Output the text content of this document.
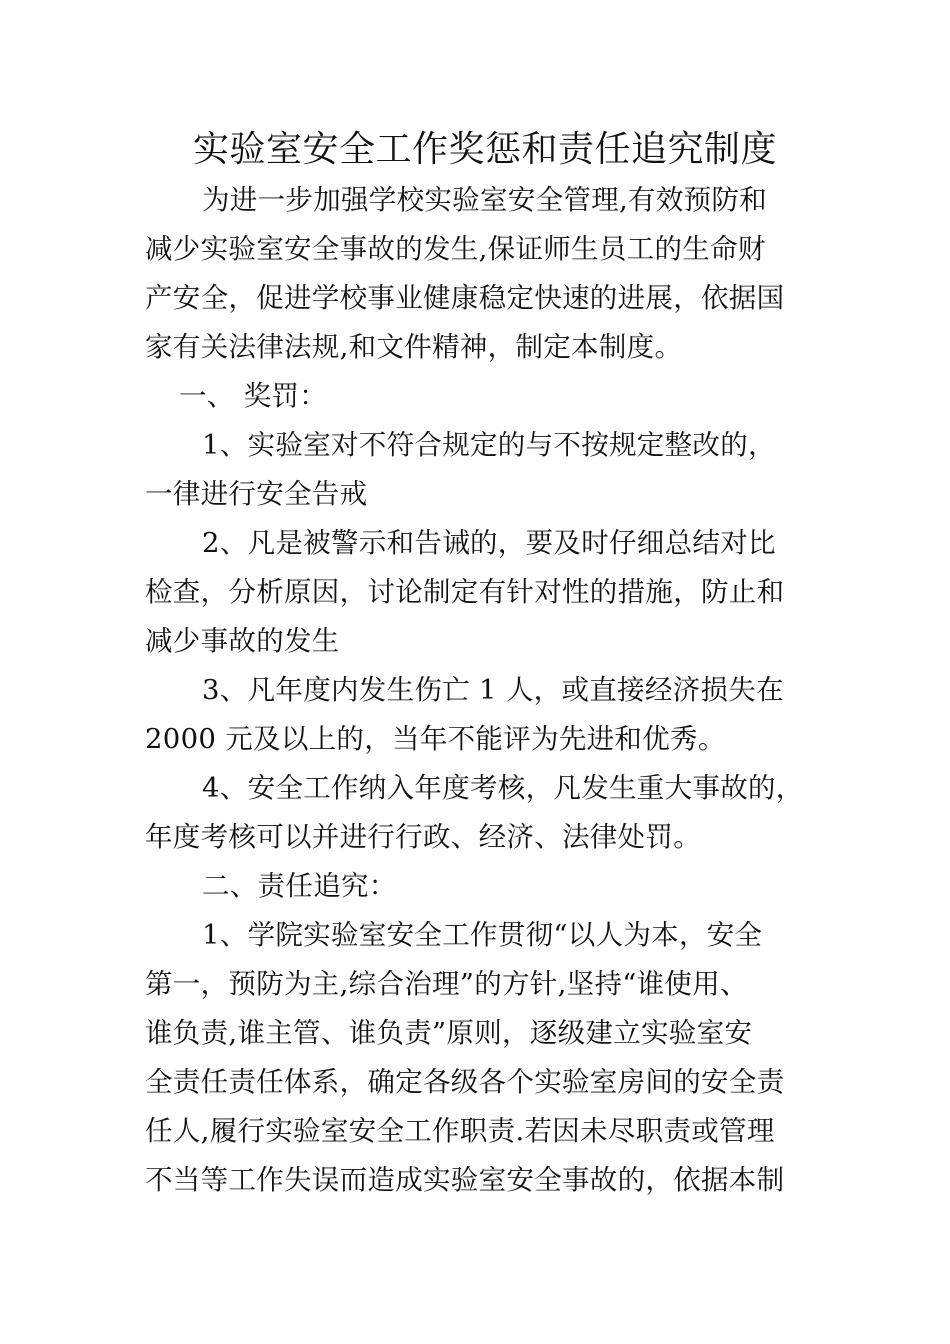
实验室安全工作奖惩和责任追究制度
为进一步加强学校实验室安全管理,有效预防和
减少实验室安全事故的发生,保证师生员工的生命财
产安全，促进学校事业健康稳定快速的进展，依据国
家有关法律法规,和文件精神，制定本制度。
一、 奖罚：
1、实验室对不符合规定的与不按规定整改的，
一律进行安全告戒
2、凡是被警示和告诫的，要及时仔细总结对比
检查，分析原因，讨论制定有针对性的措施，防止和
减少事故的发生
3、凡年度内发生伤亡 1 人，或直接经济损失在
2000 元及以上的，当年不能评为先进和优秀。
4、安全工作纳入年度考核，凡发生重大事故的，
年度考核可以并进行行政、经济、法律处罚。
二、责任追究：
1、学院实验室安全工作贯彻“以人为本，安全
第一，预防为主,综合治理”的方针,坚持“谁使用、
谁负责,谁主管、谁负责”原则，逐级建立实验室安
全责任责任体系，确定各级各个实验室房间的安全责
任人,履行实验室安全工作职责.若因未尽职责或管理
不当等工作失误而造成实验室安全事故的，依据本制
